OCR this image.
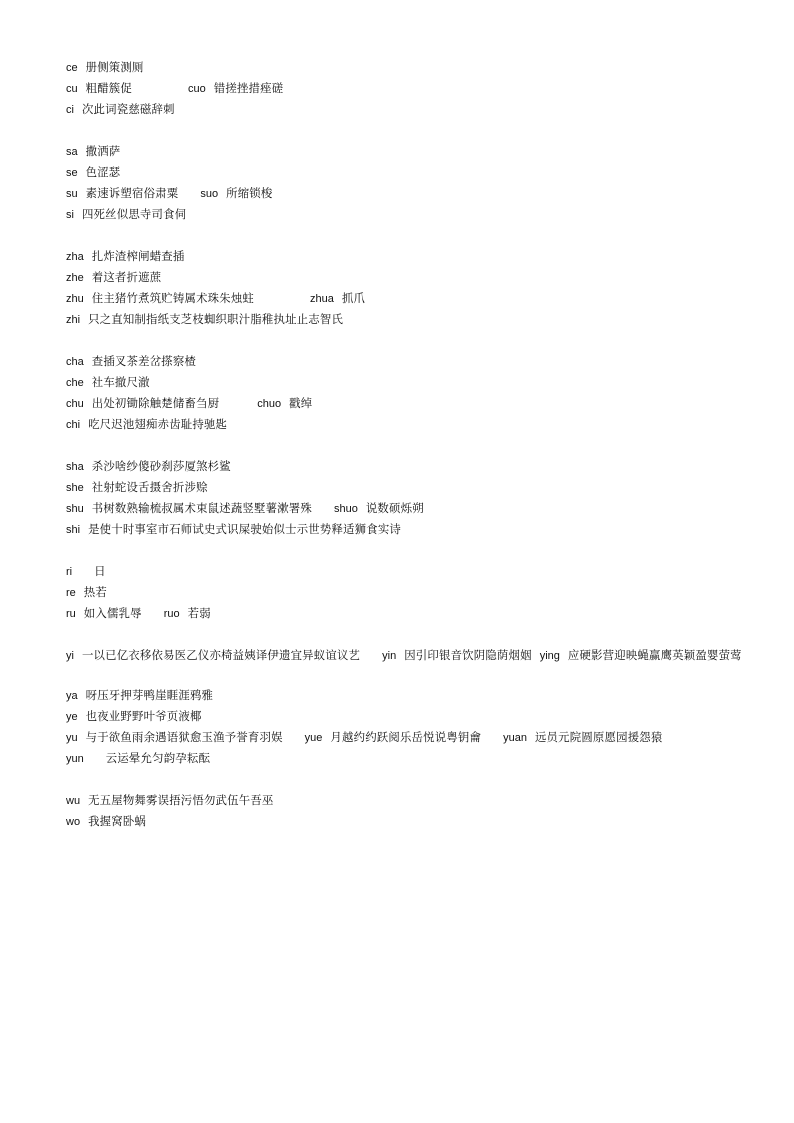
ce 册侧策测厕
cu 粗醋簇促	cuo 错搓挫措痤磋
ci 次此词瓷慈磁辞刺
sa 撒洒萨
se 色涩瑟
su 素速诉塑宿俗肃粟 suo 所缩锁梭
si 四死丝似思寺司食伺
zha 扎炸渣榨闸蜡查插
zhe 着这者折遮蔗
zhu 住主猪竹煮筑贮铸属术珠朱烛蛀	zhua 抓爪
zhi 只之直知制指纸支芝枝蜘织职汁脂稚执址止志智氏
cha 查插叉茶差岔搽察楂
che 社车撤尺澈
chu 出处初锄除触楚储畜刍厨	chuo 戳绰
chi 吃尺迟池翅痴赤齿耻持驰匙
sha 杀沙啥纱傻砂刹莎厦煞杉鲨
she 社射蛇设舌摄舍折涉赊
shu 书树数熟输梳叔属术束鼠述蔬竖墅薯漱署殊 shuo 说数硕烁朔
shi 是使十时事室市石师试史式识屎驶始似士示世势释适狮食实诗
ri 日
re 热若
ru 如入儒乳辱 ruo 若弱
yi 一以已亿衣移依易医乙仪亦椅益姨译伊遗宜异蚁谊议艺 yin 因引印银音饮阴隐荫烟姻 ying 应硬影营迎映蝇赢鹰英颖盈婴萤莺
ya 呀压牙押芽鸭崖睚涯鸦雅
ye 也夜业野野叶爷页液椰
yu 与于欲鱼雨余遇语狱愈玉渔予誉育羽娱 yue 月越约约跃阅乐岳悦说粤钥龠 yuan 远员元院圆原愿园援怨猿
yun 云运晕允匀韵孕耘酝
wu 无五屋物舞雾误捂污悟勿武伍午吾巫
wo 我握窝卧蜗
